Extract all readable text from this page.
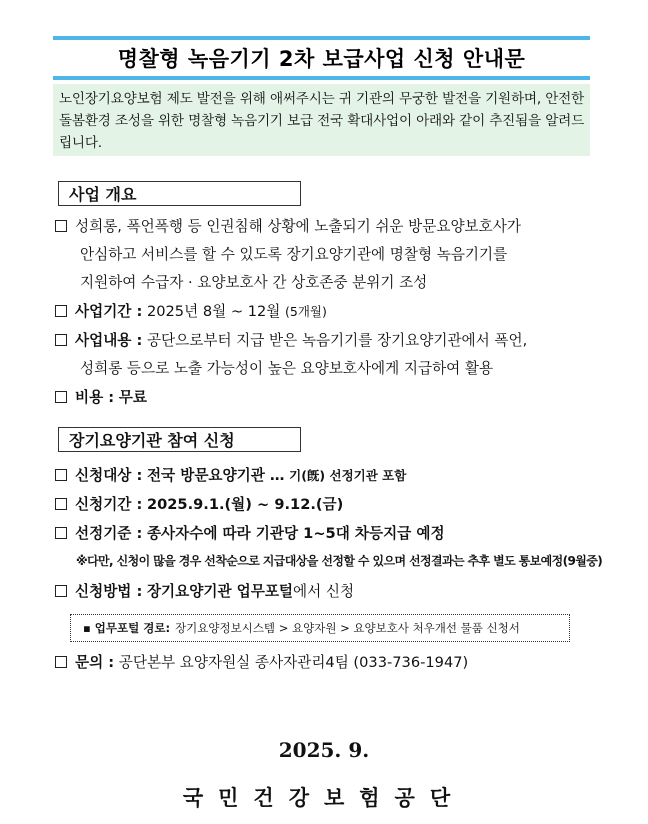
명찰형 녹음기기 2차 보급사업 신청 안내문
노인장기요양보험 제도 발전을 위해 애써주시는 귀 기관의 무궁한 발전을 기원하며, 안전한 돌봄환경 조성을 위한 명찰형 녹음기기 보급 전국 확대사업이 아래와 같이 추진됨을 알려드립니다.
사업 개요
성희롱, 폭언폭행 등 인권침해 상황에 노출되기 쉬운 방문요양보호사가
안심하고 서비스를 할 수 있도록 장기요양기관에 명찰형 녹음기기를
지원하여 수급자 · 요양보호사 간 상호존중 분위기 조성
사업기간 : 2025년 8월 ~ 12월 (5개월)
사업내용 : 공단으로부터 지급 받은 녹음기기를 장기요양기관에서 폭언,
성희롱 등으로 노출 가능성이 높은 요양보호사에게 지급하여 활용
비용 : 무료
장기요양기관 참여 신청
신청대상 : 전국 방문요양기관 … 기(旣) 선정기관 포함
신청기간 : 2025.9.1.(월) ~ 9.12.(금)
선정기준 : 종사자수에 따라 기관당 1~5대 차등지급 예정
※다만, 신청이 많을 경우 선착순으로 지급대상을 선정할 수 있으며 선정결과는 추후 별도 통보예정(9월중)
신청방법 : 장기요양기관 업무포털에서 신청
▪ 업무포털 경로: 장기요양정보시스템 > 요양자원 > 요양보호사 처우개선 물품 신청서
문의 : 공단본부 요양자원실 종사자관리4팀 (033-736-1947)
2025. 9.
국민건강보험공단
